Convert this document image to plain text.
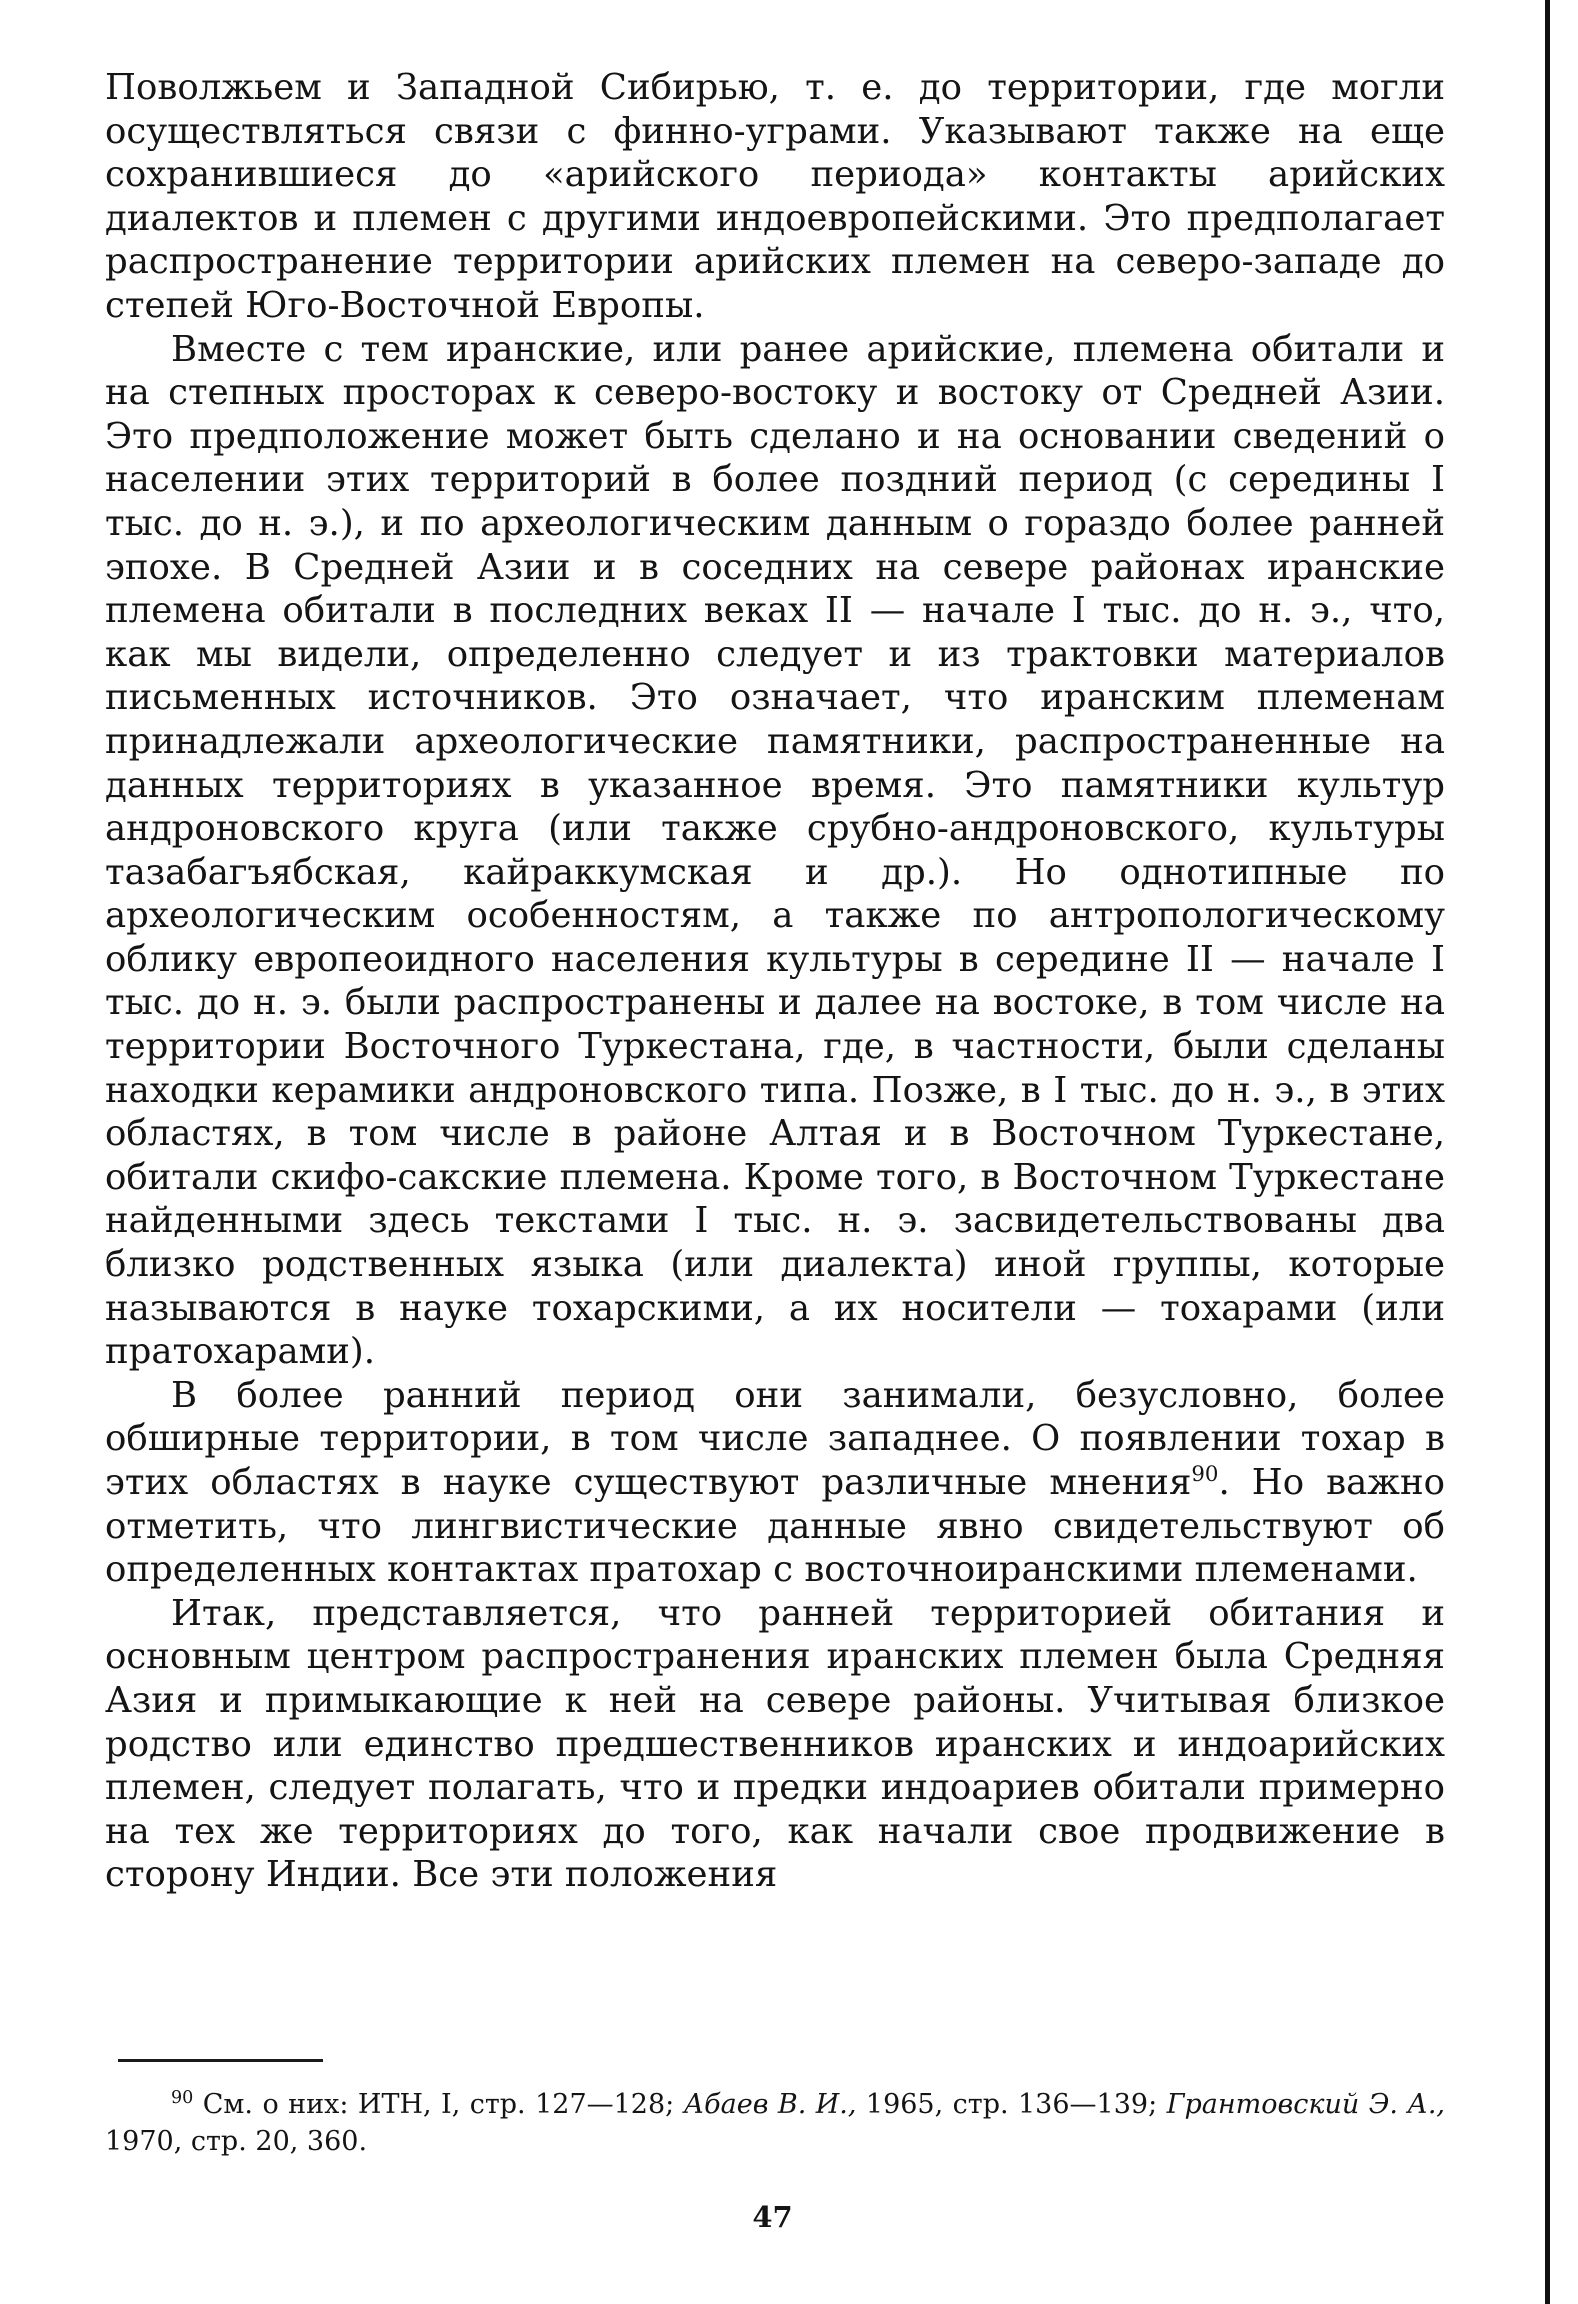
Поволжьем и Западной Сибирью, т. е. до территории, где могли осуществляться связи с финно-уграми. Указывают также на еще сохранившиеся до «арийского периода» контакты арийских диалектов и племен с другими индоевропейскими. Это предполагает распространение территории арийских племен на северо-западе до степей Юго-Восточной Европы.

Вместе с тем иранские, или ранее арийские, племена обитали и на степных просторах к северо-востоку и востоку от Средней Азии. Это предположение может быть сделано и на основании сведений о населении этих территорий в более поздний период (с середины I тыс. до н. э.), и по археологическим данным о гораздо более ранней эпохе. В Средней Азии и в соседних на севере районах иранские племена обитали в последних веках II — начале I тыс. до н. э., что, как мы видели, определенно следует и из трактовки материалов письменных источников. Это означает, что иранским племенам принадлежали археологические памятники, распространенные на данных территориях в указанное время. Это памятники культур андроновского круга (или также срубно-андроновского, культуры тазабагъябская, кайраккумская и др.). Но однотипные по археологическим особенностям, а также по антропологическому облику европеоидного населения культуры в середине II — начале I тыс. до н. э. были распространены и далее на востоке, в том числе на территории Восточного Туркестана, где, в частности, были сделаны находки керамики андроновского типа. Позже, в I тыс. до н. э., в этих областях, в том числе в районе Алтая и в Восточном Туркестане, обитали скифо-сакские племена. Кроме того, в Восточном Туркестане найденными здесь текстами I тыс. н. э. засвидетельствованы два близко родственных языка (или диалекта) иной группы, которые называются в науке тохарскими, а их носители — тохарами (или пратохарами).

В более ранний период они занимали, безусловно, более обширные территории, в том числе западнее. О появлении тохар в этих областях в науке существуют различные мнения$^{90}$. Но важно отметить, что лингвистические данные явно свидетельствуют об определенных контактах пратохар с восточноиранскими племенами.

Итак, представляется, что ранней территорией обитания и основным центром распространения иранских племен была Средняя Азия и примыкающие к ней на севере районы. Учитывая близкое родство или единство предшественников иранских и индоарийских племен, следует полагать, что и предки индоариев обитали примерно на тех же территориях до того, как начали свое продвижение в сторону Индии. Все эти положения

$^{90}$ См. о них: ИТН, I, стр. 127—128; Абаев В. И., 1965, стр. 136—139; Грантовский Э. А., 1970, стр. 20, 360.
47
